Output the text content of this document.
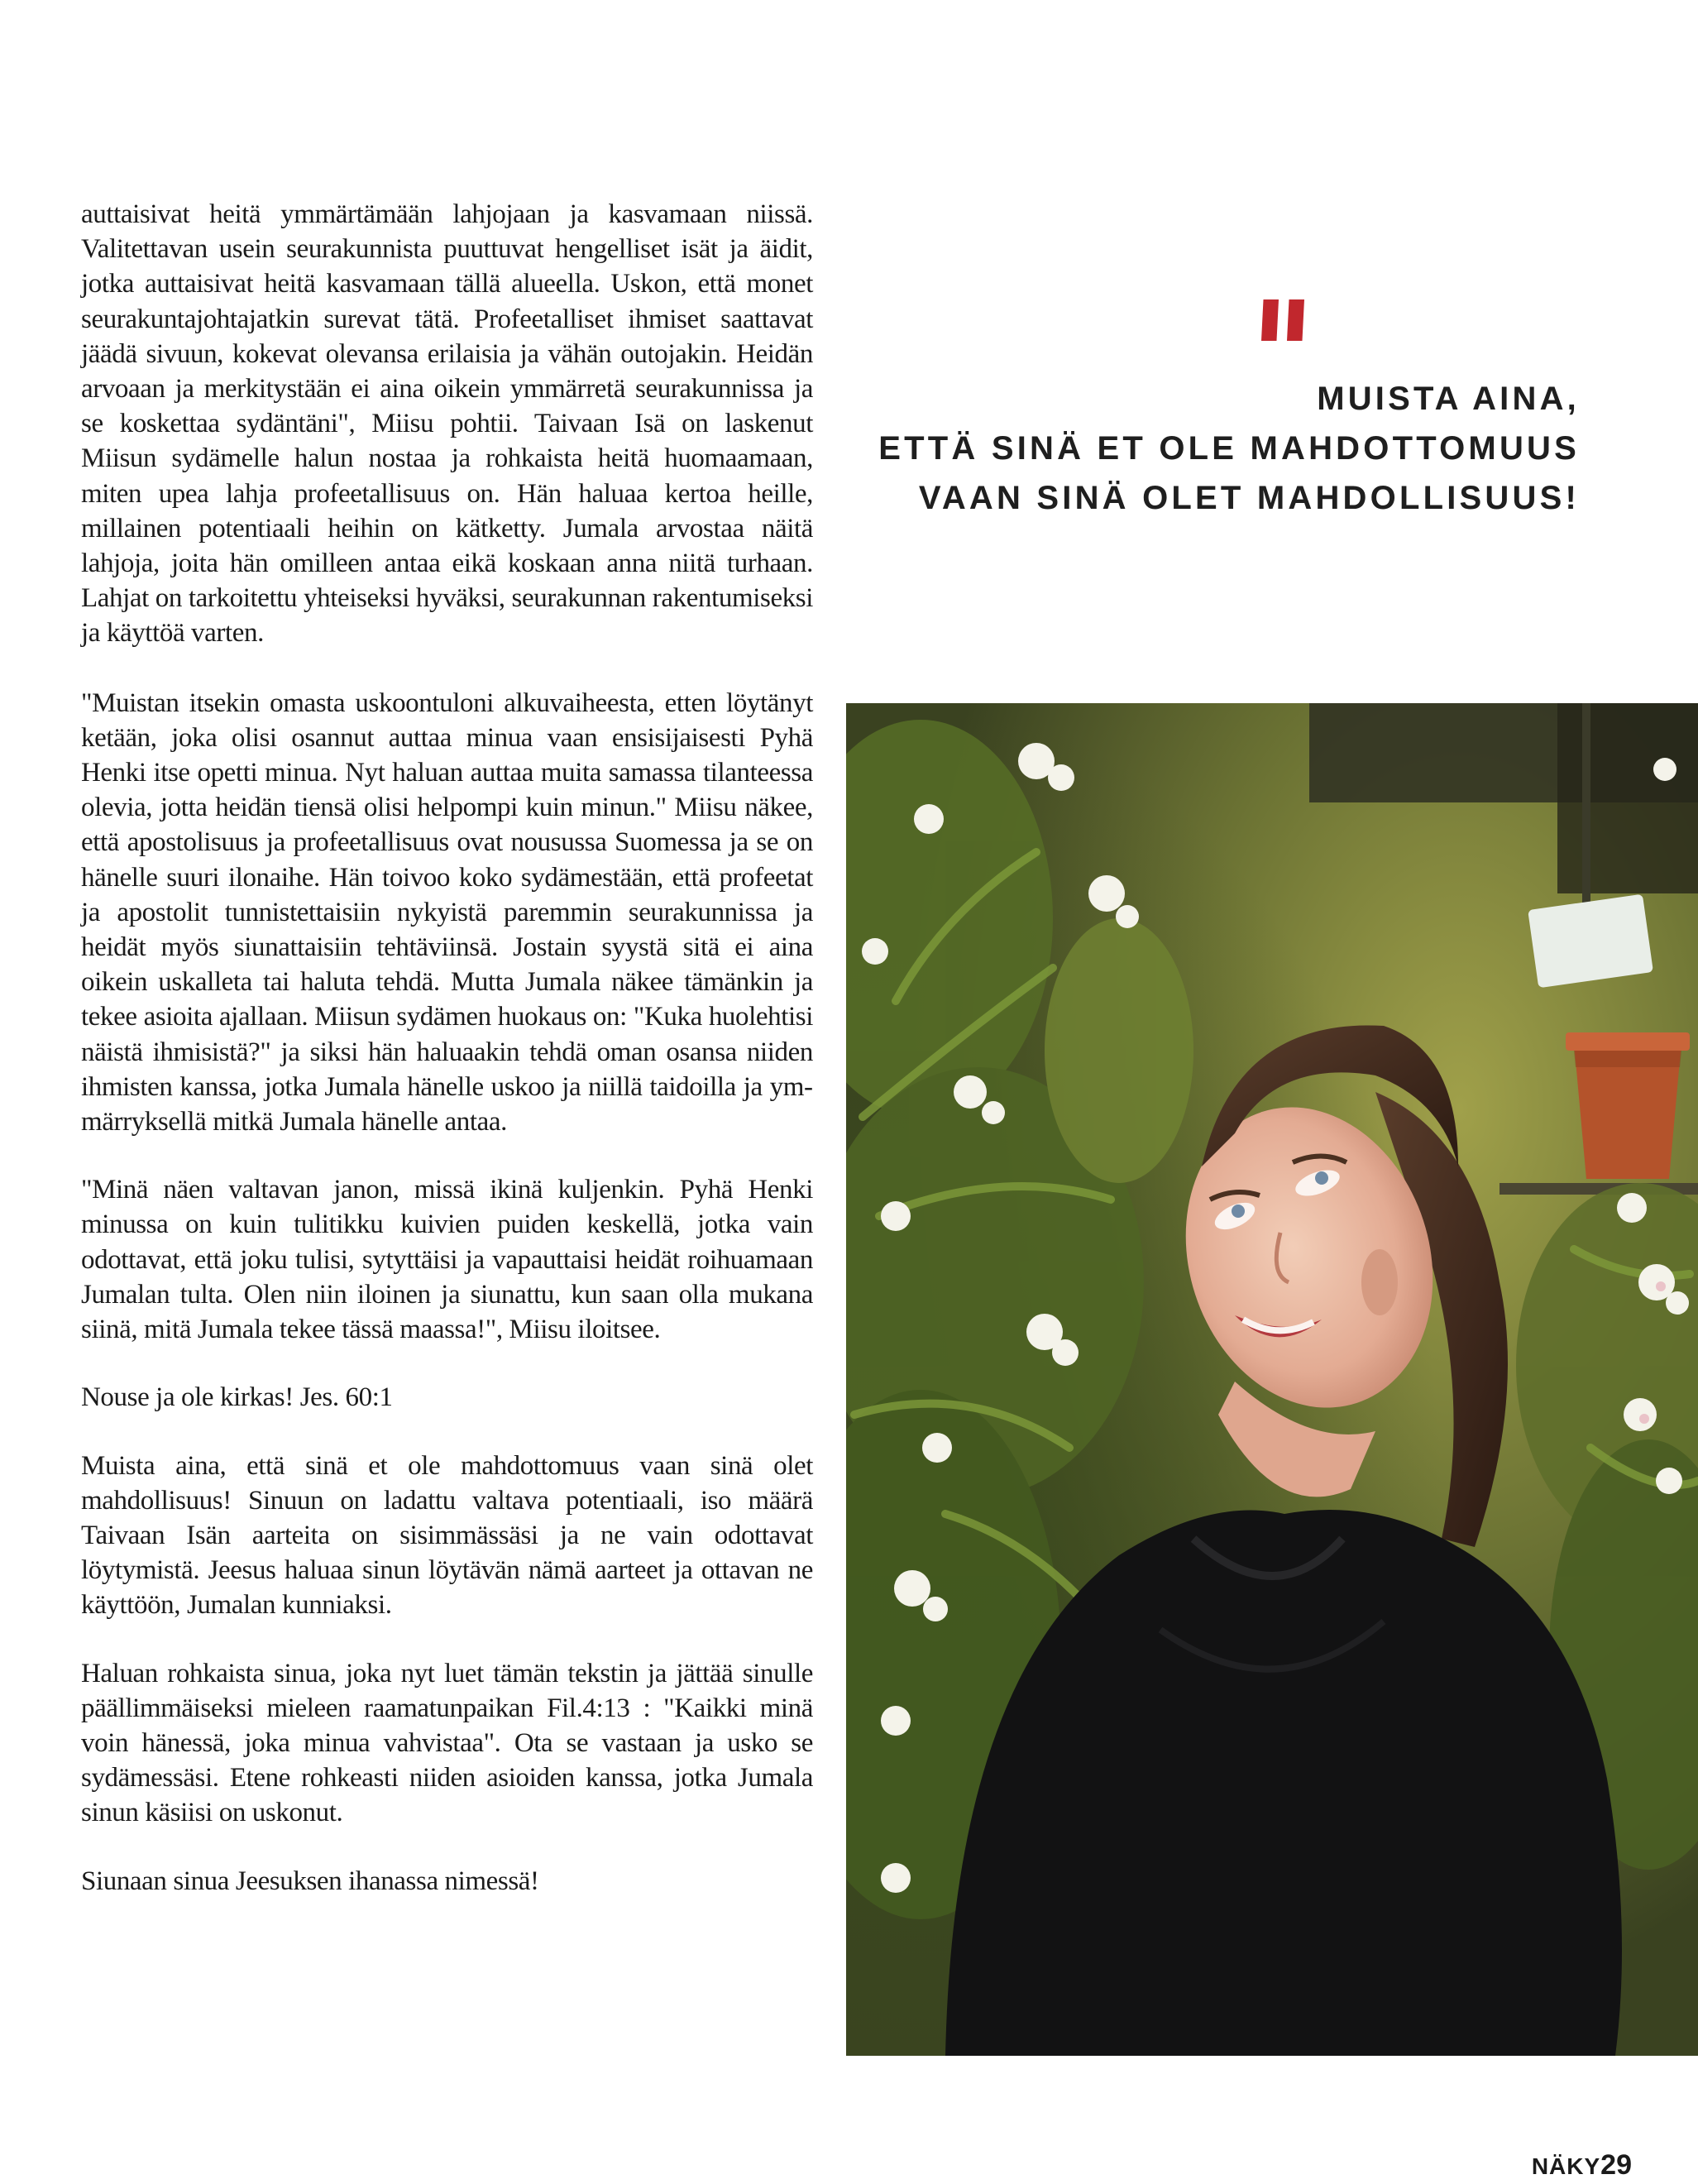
auttaisivat heitä ymmärtämään lahjojaan ja kasvamaan niissä. Valitettavan usein seurakunnista puuttuvat hengelliset isät ja äidit, jotka auttaisivat heitä kasvamaan tällä alueella. Uskon, että monet seurakuntajohtajatkin surevat tätä. Profeetalliset ihmiset saattavat jäädä sivuun, kokevat olevansa erilaisia ja vähän outojakin. Heidän arvoaan ja merkitystään ei aina oikein ymmärretä seurakunnissa ja se koskettaa sydäntäni", Miisu pohtii. Taivaan Isä on laskenut Miisun sydämelle halun nostaa ja rohkaista heitä huomaamaan, miten upea lahja profeetallisuus on. Hän haluaa kertoa heille, millainen potentiaali heihin on kätketty. Jumala arvostaa näitä lahjoja, joita hän omilleen antaa eikä koskaan anna niitä turhaan. Lahjat on tarkoitettu yhteiseksi hyväksi, seurakunnan rakentumiseksi ja käyttöä varten.

"Muistan itsekin omasta uskoontuloni alkuvaiheesta, etten löytänyt ketään, joka olisi osannut auttaa minua vaan ensisijaisesti Pyhä Henki itse opetti minua. Nyt haluan auttaa muita samassa tilanteessa olevia, jotta heidän tiensä olisi helpompi kuin minun." Miisu näkee, että apostolisuus ja profeetallisuus ovat nousussa Suomessa ja se on hänelle suuri ilonaihe. Hän toivoo koko sydämestään, että profeetat ja apostolit tunnistettaisiin nykyistä paremmin seurakunnissa ja heidät myös siunattaisiin tehtäviinsä. Jostain syystä sitä ei aina oikein uskalleta tai haluta tehdä. Mutta Jumala näkee tämänkin ja tekee asioita ajallaan. Miisun sydämen huokaus on: "Kuka huolehtisi näistä ihmisistä?" ja siksi hän haluaakin tehdä oman osansa niiden ihmisten kanssa, jotka Jumala hänelle uskoo ja niillä taidoilla ja ymmärryksellä mitkä Jumala hänelle antaa.

"Minä näen valtavan janon, missä ikinä kuljenkin. Pyhä Henki minussa on kuin tulitikku kuivien puiden keskellä, jotka vain odottavat, että joku tulisi, sytyttäisi ja vapauttaisi heidät roihuamaan Jumalan tulta. Olen niin iloinen ja siunattu, kun saan olla mukana siinä, mitä Jumala tekee tässä maassa!", Miisu iloitsee.

Nouse ja ole kirkas! Jes. 60:1

Muista aina, että sinä et ole mahdottomuus vaan sinä olet mahdollisuus! Sinuun on ladattu valtava potentiaali, iso määrä Taivaan Isän aarteita on sisimmässäsi ja ne vain odottavat löytymistä. Jeesus haluaa sinun löytävän nämä aarteet ja ottavan ne käyttöön, Jumalan kunniaksi.

Haluan rohkaista sinua, joka nyt luet tämän tekstin ja jättää sinulle päällimmäiseksi mieleen raamatunpaikan Fil.4:13 : "Kaikki minä voin hänessä, joka minua vahvistaa". Ota se vastaan ja usko se sydämessäsi. Etene rohkeasti niiden asioiden kanssa, jotka Jumala sinun käsiisi on uskonut.

Siunaan sinua Jeesuksen ihanassa nimessä!

MUISTA AINA,
ETTÄ SINÄ ET OLE MAHDOTTOMUUS
VAAN SINÄ OLET MAHDOLLISUUS!
NÄKY29
